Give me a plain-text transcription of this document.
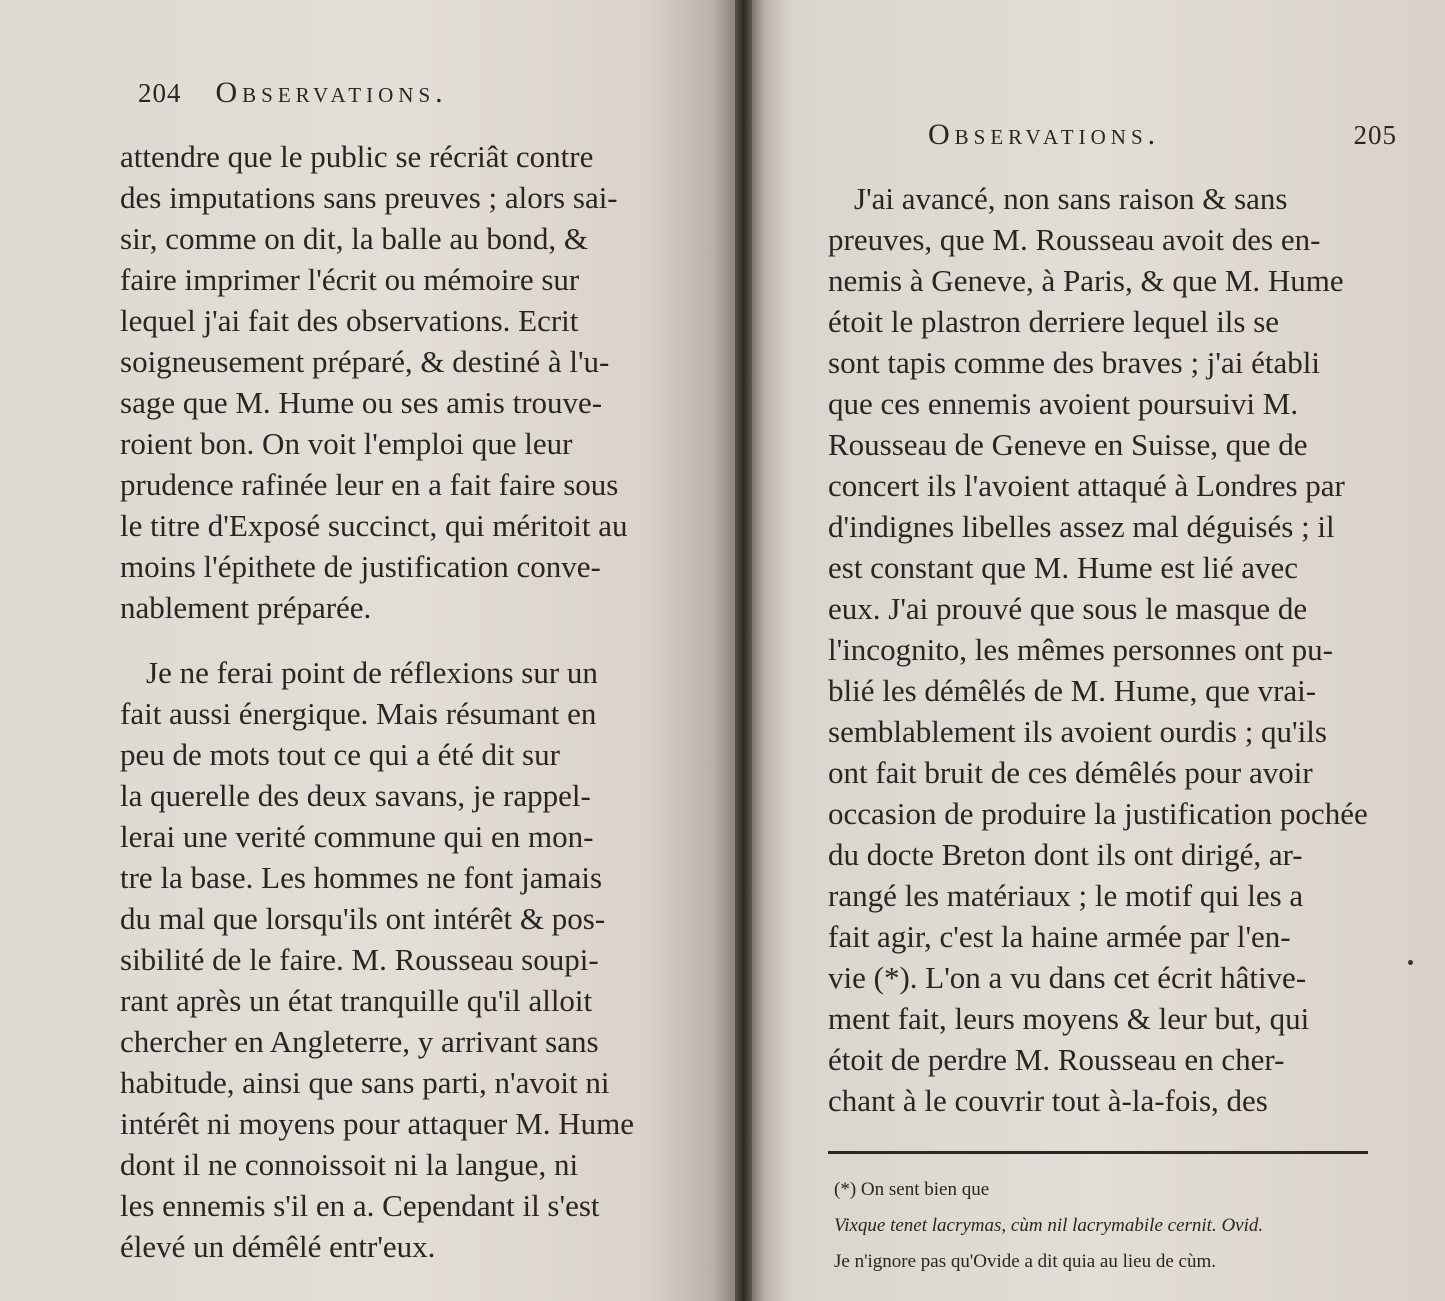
204 Observations.
attendre que le public se récriât contre
des imputations sans preuves ; alors sai-
sir, comme on dit, la balle au bond, &
faire imprimer l'écrit ou mémoire sur
lequel j'ai fait des observations. Ecrit
soigneusement préparé, & destiné à l'u-
sage que M. Hume ou ses amis trouve-
roient bon. On voit l'emploi que leur
prudence rafinée leur en a fait faire sous
le titre d'Exposé succinct, qui méritoit au
moins l'épithete de justification conve-
nablement préparée.
Je ne ferai point de réflexions sur un
fait aussi énergique. Mais résumant en
peu de mots tout ce qui a été dit sur
la querelle des deux savans, je rappel-
lerai une verité commune qui en mon-
tre la base. Les hommes ne font jamais
du mal que lorsqu'ils ont intérêt & pos-
sibilité de le faire. M. Rousseau soupi-
rant après un état tranquille qu'il alloit
chercher en Angleterre, y arrivant sans
habitude, ainsi que sans parti, n'avoit ni
intérêt ni moyens pour attaquer M. Hume
dont il ne connoissoit ni la langue, ni
les ennemis s'il en a. Cependant il s'est
élevé un démêlé entr'eux.
Observations.	205
J'ai avancé, non sans raison & sans
preuves, que M. Rousseau avoit des en-
nemis à Geneve, à Paris, & que M. Hume
étoit le plastron derriere lequel ils se
sont tapis comme des braves ; j'ai établi
que ces ennemis avoient poursuivi M.
Rousseau de Geneve en Suisse, que de
concert ils l'avoient attaqué à Londres par
d'indignes libelles assez mal déguisés ; il
est constant que M. Hume est lié avec
eux. J'ai prouvé que sous le masque de
l'incognito, les mêmes personnes ont pu-
blié les démêlés de M. Hume, que vrai-
semblablement ils avoient ourdis ; qu'ils
ont fait bruit de ces démêlés pour avoir
occasion de produire la justification pochée
du docte Breton dont ils ont dirigé, ar-
rangé les matériaux ; le motif qui les a
fait agir, c'est la haine armée par l'en-
vie (*). L'on a vu dans cet écrit hâtive-
ment fait, leurs moyens & leur but, qui
étoit de perdre M. Rousseau en cher-
chant à le couvrir tout à-la-fois, des
(*) On sent bien que
Vixque tenet lacrymas, cùm nil lacrymabile cernit. Ovid.
Je n'ignore pas qu'Ovide a dit quia au lieu de cùm.
